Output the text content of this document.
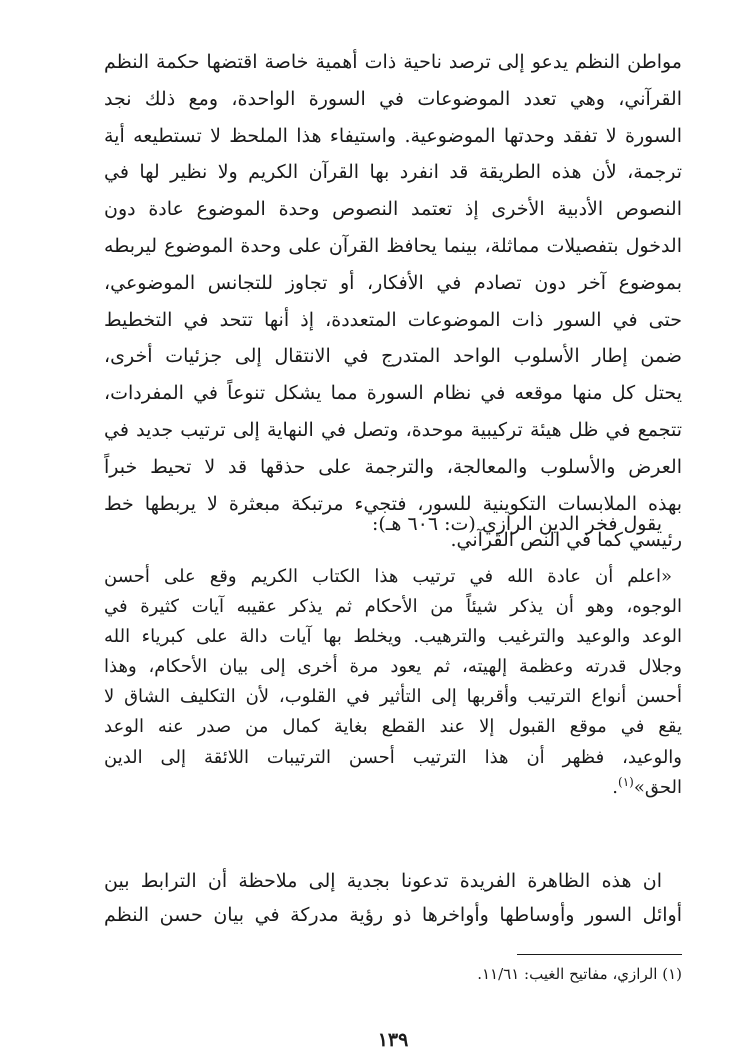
مواطن النظم يدعو إلى ترصد ناحية ذات أهمية خاصة اقتضها حكمة النظم
القرآني، وهي تعدد الموضوعات في السورة الواحدة، ومع ذلك نجد
السورة لا تفقد وحدتها الموضوعية. واستيفاء هذا الملحظ لا تستطيعه أية
ترجمة، لأن هذه الطريقة قد انفرد بها القرآن الكريم ولا نظير لها في
النصوص الأدبية الأخرى إذ تعتمد النصوص وحدة الموضوع عادة دون
الدخول بتفصيلات مماثلة، بينما يحافظ القرآن على وحدة الموضوع ليربطه
بموضوع آخر دون تصادم في الأفكار، أو تجاوز للتجانس الموضوعي،
حتى في السور ذات الموضوعات المتعددة، إذ أنها تتحد في التخطيط
ضمن إطار الأسلوب الواحد المتدرج في الانتقال إلى جزئيات أخرى،
يحتل كل منها موقعه في نظام السورة مما يشكل تنوعاً في المفردات،
تتجمع في ظل هيئة تركيبية موحدة، وتصل في النهاية إلى ترتيب جديد في
العرض والأسلوب والمعالجة، والترجمة على حذقها قد لا تحيط خبراً
بهذه الملابسات التكوينية للسور، فتجيء مرتبكة مبعثرة لا يربطها خط
رئيسي كما في النص القرآني.
يقول فخر الدين الرازي (ت: ٦٠٦ هـ):
«اعلم أن عادة الله في ترتيب هذا الكتاب الكريم وقع على أحسن
الوجوه، وهو أن يذكر شيئاً من الأحكام ثم يذكر عقيبه آيات كثيرة في
الوعد والوعيد والترغيب والترهيب. ويخلط بها آيات دالة على كبرياء الله
وجلال قدرته وعظمة إلهيته، ثم يعود مرة أخرى إلى بيان الأحكام، وهذا
أحسن أنواع الترتيب وأقربها إلى التأثير في القلوب، لأن التكليف الشاق لا
يقع في موقع القبول إلا عند القطع بغاية كمال من صدر عنه الوعد
والوعيد، فظهر أن هذا الترتيب أحسن الترتيبات اللائقة إلى الدين
الحق»$^{(١)}$.
ان هذه الظاهرة الفريدة تدعونا بجدية إلى ملاحظة أن الترابط بين
أوائل السور وأوساطها وأواخرها ذو رؤية مدركة في بيان حسن النظم
(١) الرازي، مفاتيح الغيب: ١١/٦١.
١٣٩
